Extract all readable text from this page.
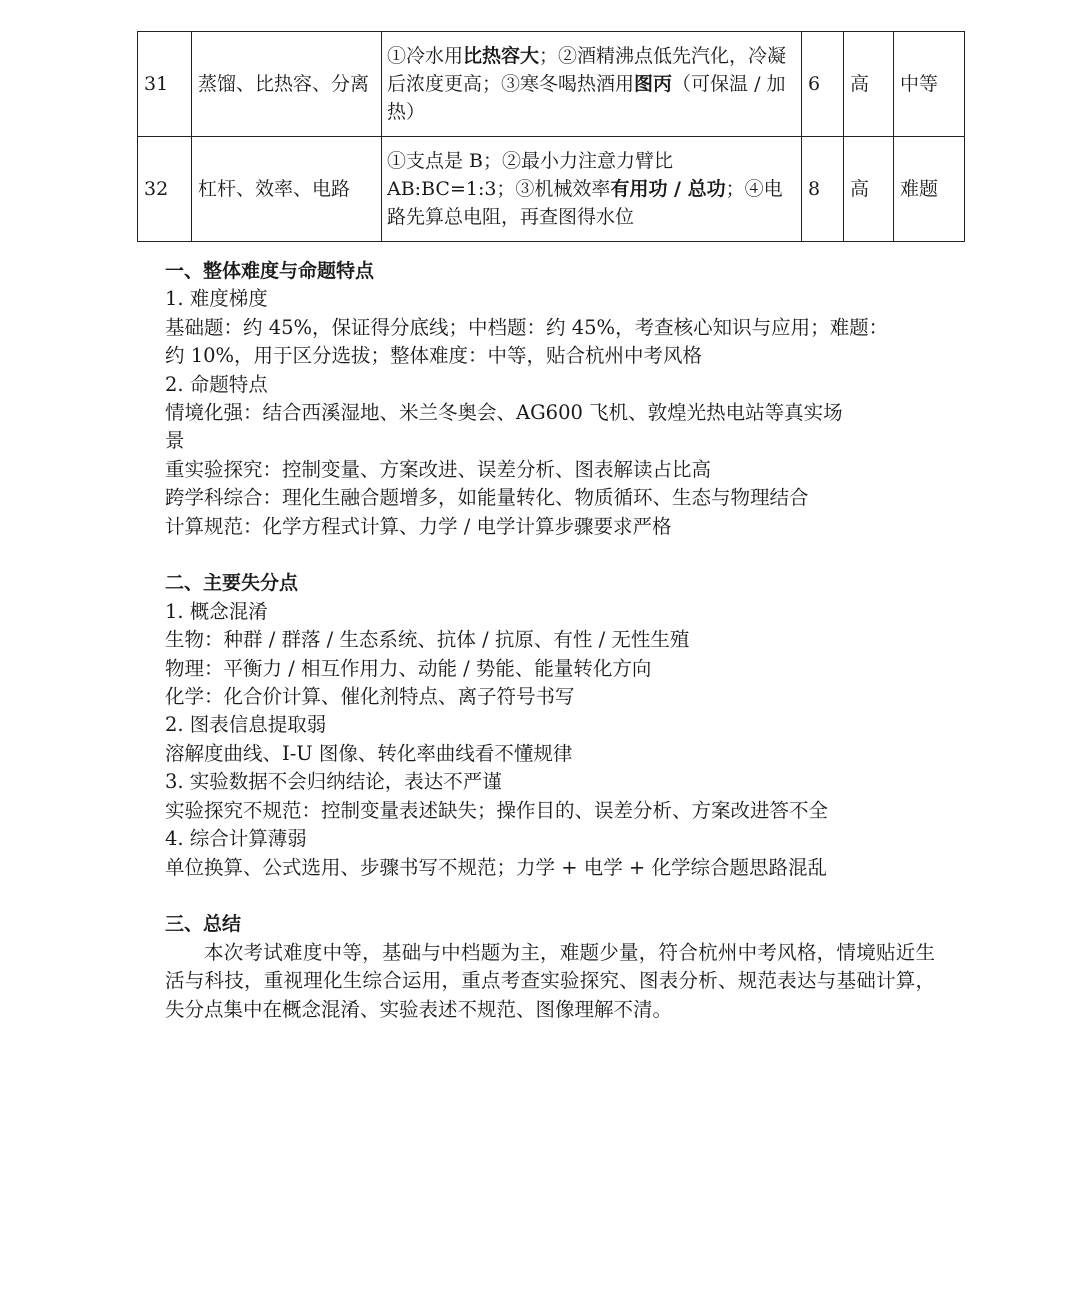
31	蒸馏、比热容、分离	①冷水用比热容大；②酒精沸点低先汽化，冷凝后浓度更高；③寒冬喝热酒用图丙（可保温 / 加热）	6	高	中等
32	杠杆、效率、电路	①支点是 B；②最小力注意力臂比 AB:BC=1:3；③机械效率有用功 / 总功；④电路先算总电阻，再查图得水位	8	高	难题
一、整体难度与命题特点
1. 难度梯度
基础题：约 45%，保证得分底线；中档题：约 45%，考查核心知识与应用；难题：
约 10%，用于区分选拔；整体难度：中等，贴合杭州中考风格
2. 命题特点
情境化强：结合西溪湿地、米兰冬奥会、AG600 飞机、敦煌光热电站等真实场
景
重实验探究：控制变量、方案改进、误差分析、图表解读占比高
跨学科综合：理化生融合题增多，如能量转化、物质循环、生态与物理结合
计算规范：化学方程式计算、力学 / 电学计算步骤要求严格
二、主要失分点
1. 概念混淆
生物：种群 / 群落 / 生态系统、抗体 / 抗原、有性 / 无性生殖
物理：平衡力 / 相互作用力、动能 / 势能、能量转化方向
化学：化合价计算、催化剂特点、离子符号书写
2. 图表信息提取弱
溶解度曲线、I-U 图像、转化率曲线看不懂规律
3. 实验数据不会归纳结论，表达不严谨
实验探究不规范：控制变量表述缺失；操作目的、误差分析、方案改进答不全
4. 综合计算薄弱
单位换算、公式选用、步骤书写不规范；力学 + 电学 + 化学综合题思路混乱
三、总结
本次考试难度中等，基础与中档题为主，难题少量，符合杭州中考风格，情境贴近生活与科技，重视理化生综合运用，重点考查实验探究、图表分析、规范表达与基础计算，失分点集中在概念混淆、实验表述不规范、图像理解不清。
